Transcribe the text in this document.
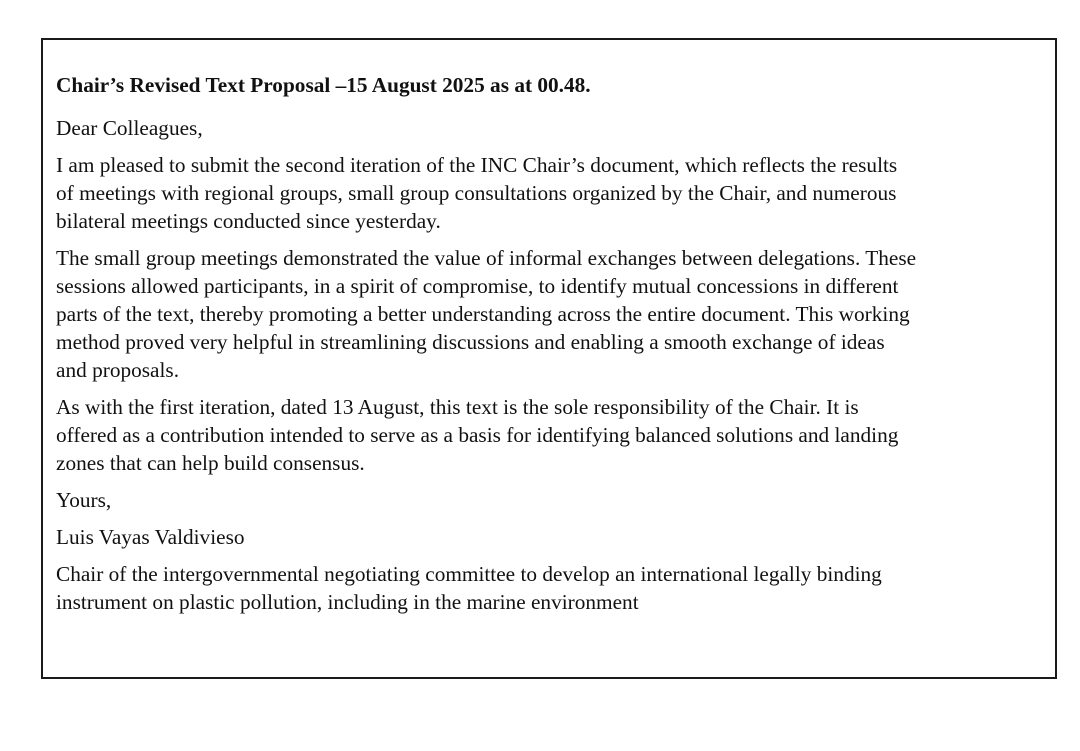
Chair’s Revised Text Proposal –15 August 2025 as at 00.48.
Dear Colleagues,
I am pleased to submit the second iteration of the INC Chair’s document, which reflects the results
of meetings with regional groups, small group consultations organized by the Chair, and numerous
bilateral meetings conducted since yesterday.
The small group meetings demonstrated the value of informal exchanges between delegations. These
sessions allowed participants, in a spirit of compromise, to identify mutual concessions in different
parts of the text, thereby promoting a better understanding across the entire document. This working
method proved very helpful in streamlining discussions and enabling a smooth exchange of ideas
and proposals.
As with the first iteration, dated 13 August, this text is the sole responsibility of the Chair. It is
offered as a contribution intended to serve as a basis for identifying balanced solutions and landing
zones that can help build consensus.
Yours,
Luis Vayas Valdivieso
Chair of the intergovernmental negotiating committee to develop an international legally binding
instrument on plastic pollution, including in the marine environment
